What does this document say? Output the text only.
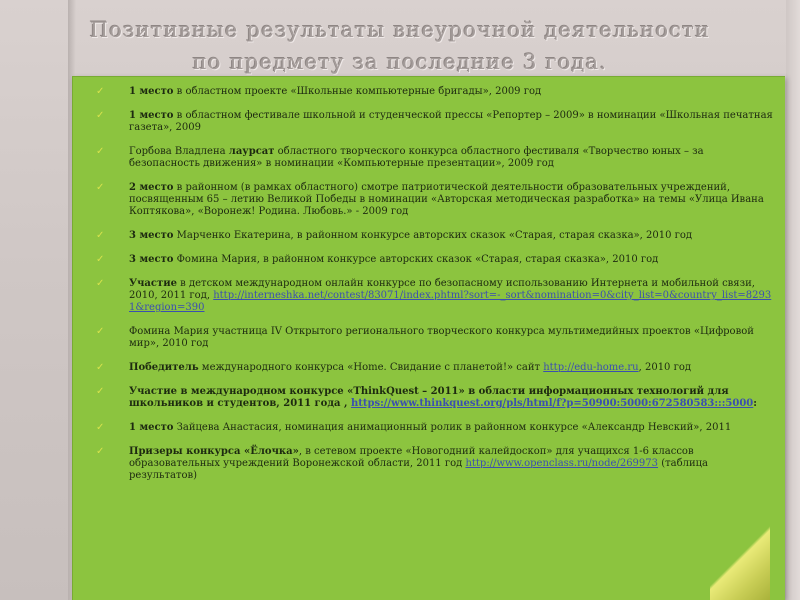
Позитивные результаты внеурочной деятельности
по предмету за последние 3 года.
✓ 1 место в областном проекте «Школьные компьютерные бригады», 2009 год
✓ 1 место в областном фестивале школьной и студенческой прессы «Репортер – 2009» в номинации «Школьная печатная газета», 2009
✓ Горбова Владлена лаурсат областного творческого конкурса областного фестиваля «Творчество юных – за безопасность движения» в номинации «Компьютерные презентации», 2009 год
✓ 2 место в районном (в рамках областного) смотре патриотической деятельности образовательных учреждений, посвященным 65 – летию Великой Победы в номинации «Авторская методическая разработка» на темы «Улица Ивана Коптякова», «Воронеж! Родина. Любовь.» - 2009 год
✓ 3 место Марченко Екатерина, в районном конкурсе авторских сказок «Старая, старая сказка», 2010 год
✓ 3 место Фомина Мария, в районном конкурсе авторских сказок «Старая, старая сказка», 2010 год
✓ Участие в детском международном онлайн конкурсе по безопасному использованию Интернета и мобильной связи, 2010, 2011 год, http://interneshka.net/contest/83071/index.phtml?sort=-_sort&nomination=0&city_list=0&country_list=82931&region=390
✓ Фомина Мария участница IV Открытого регионального творческого конкурса мультимедийных проектов «Цифровой мир», 2010 год
✓ Победитель международного конкурса «Home. Свидание с планетой!» сайт http://edu-home.ru, 2010 год
✓ Участие в международном конкурсе «ThinkQuest – 2011» в области информационных технологий для школьников и студентов, 2011 года , https://www.thinkquest.org/pls/html/f?p=50900:5000:672580583:::5000:
✓ 1 место Зайцева Анастасия, номинация анимационный ролик в районном конкурсе «Александр Невский», 2011
✓ Призеры конкурса «Ёлочка», в сетевом проекте «Новогодний калейдоскоп» для учащихся 1-6 классов образовательных учреждений Воронежской области, 2011 год http://www.openclass.ru/node/269973 (таблица результатов)
